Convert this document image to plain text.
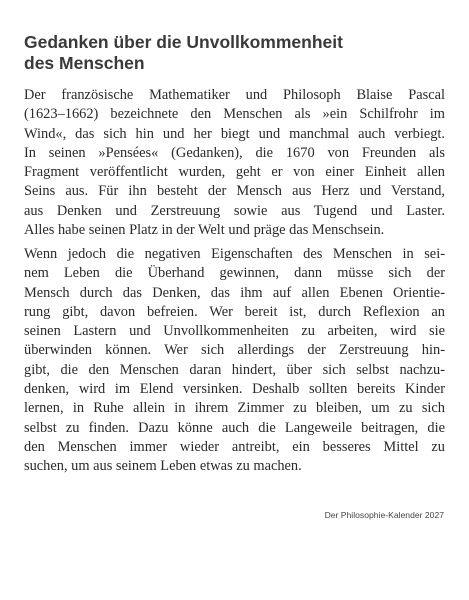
Gedanken über die Unvollkommenheit
des Menschen
Der französische Mathematiker und Philosoph Blaise Pascal
(1623–1662) bezeichnete den Menschen als »ein Schilfrohr im
Wind«, das sich hin und her biegt und manchmal auch verbiegt.
In seinen »Pensées« (Gedanken), die 1670 von Freunden als
Fragment veröffentlicht wurden, geht er von einer Einheit allen
Seins aus. Für ihn besteht der Mensch aus Herz und Verstand,
aus Denken und Zerstreuung sowie aus Tugend und Laster.
Alles habe seinen Platz in der Welt und präge das Menschsein.
Wenn jedoch die negativen Eigenschaften des Menschen in sei-
nem Leben die Überhand gewinnen, dann müsse sich der
Mensch durch das Denken, das ihm auf allen Ebenen Orientie-
rung gibt, davon befreien. Wer bereit ist, durch Reflexion an
seinen Lastern und Unvollkommenheiten zu arbeiten, wird sie
überwinden können. Wer sich allerdings der Zerstreuung hin-
gibt, die den Menschen daran hindert, über sich selbst nachzu-
denken, wird im Elend versinken. Deshalb sollten bereits Kinder
lernen, in Ruhe allein in ihrem Zimmer zu bleiben, um zu sich
selbst zu finden. Dazu könne auch die Langeweile beitragen, die
den Menschen immer wieder antreibt, ein besseres Mittel zu
suchen, um aus seinem Leben etwas zu machen.
Der Philosophie-Kalender 2027
